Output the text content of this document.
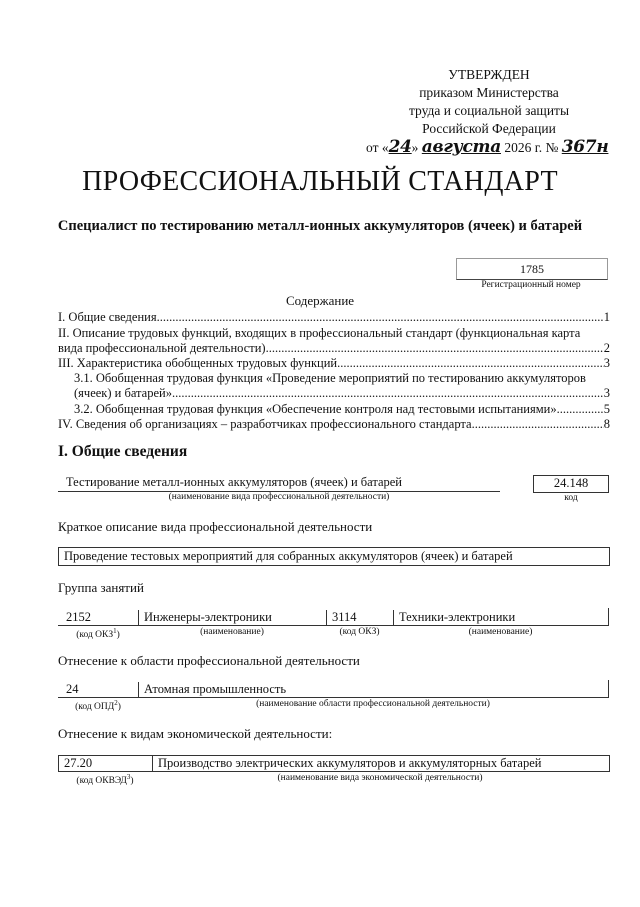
УТВЕРЖДЕН
приказом Министерства
труда и социальной защиты
Российской Федерации
от «24» августа 2026 г. № 367н
ПРОФЕССИОНАЛЬНЫЙ СТАНДАРТ
Специалист по тестированию металл-ионных аккумуляторов (ячеек) и батарей
1785
Регистрационный номер
Содержание
I. Общие сведения .....	1
II. Описание трудовых функций, входящих в профессиональный стандарт (функциональная карта
вида профессиональной деятельности) .....	2
III. Характеристика обобщенных трудовых функций .....	3
3.1. Обобщенная трудовая функция «Проведение мероприятий по тестированию аккумуляторов
(ячеек) и батарей» .....	3
3.2. Обобщенная трудовая функция «Обеспечение контроля над тестовыми испытаниями» .....	5
IV. Сведения об организациях – разработчиках профессионального стандарта .....	8
I. Общие сведения
Тестирование металл-ионных аккумуляторов (ячеек) и батарей
(наименование вида профессиональной деятельности)
24.148
код
Краткое описание вида профессиональной деятельности
Проведение тестовых мероприятий для собранных аккумуляторов (ячеек) и батарей
Группа занятий
2152	Инженеры-электроники	3114	Техники-электроники
(код ОКЗ$^1$)	(наименование)	(код ОКЗ)	(наименование)
Отнесение к области профессиональной деятельности
24	Атомная промышленность
(код ОПД$^2$)	(наименование области профессиональной деятельности)
Отнесение к видам экономической деятельности:
27.20	Производство электрических аккумуляторов и аккумуляторных батарей
(код ОКВЭД$^3$)	(наименование вида экономической деятельности)
